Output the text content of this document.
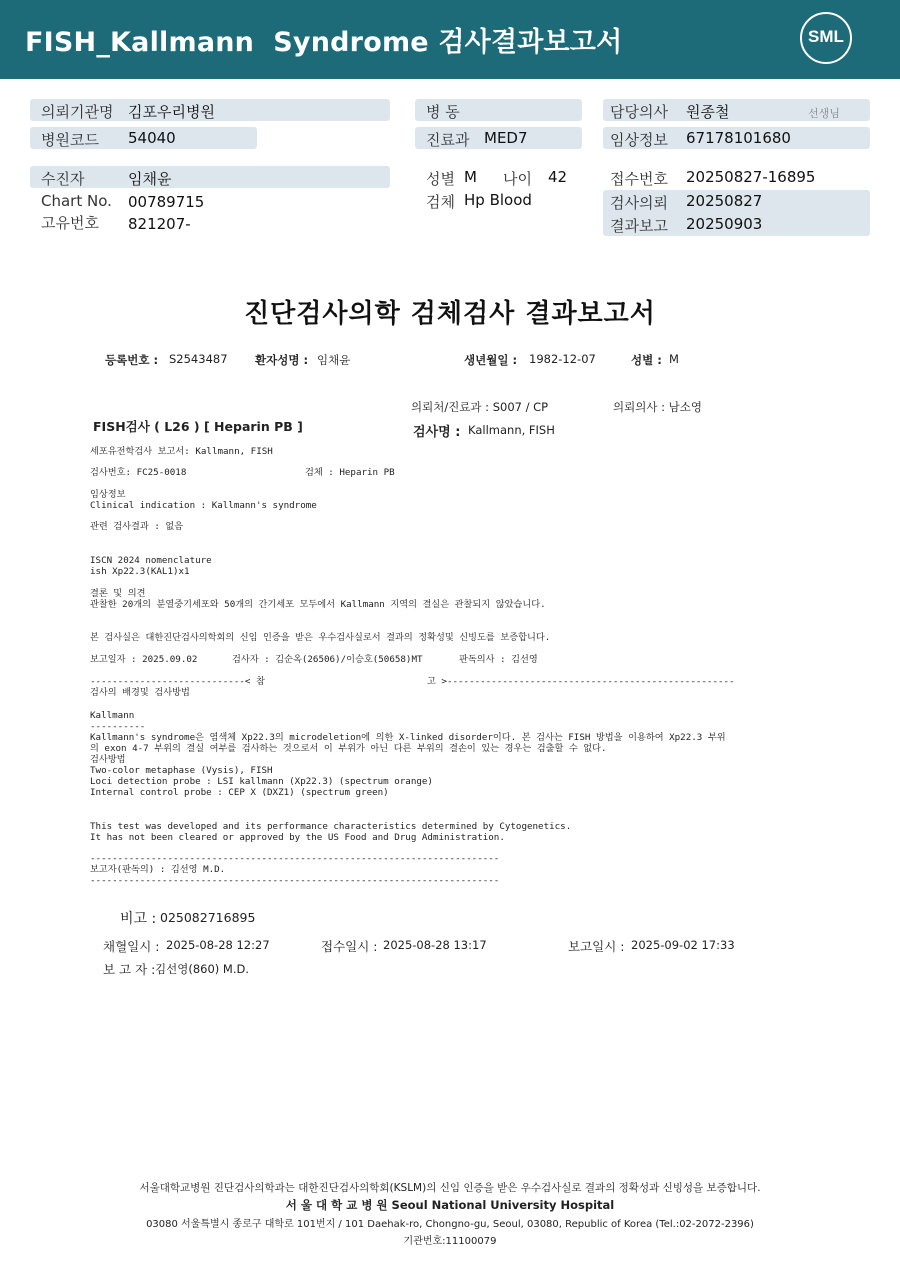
FISH_Kallmann  Syndrome 검사결과보고서	SML
의뢰기관명 김포우리병원
병원코드 54040
병 동
진료과 MED7
담당의사 원종철	선생님
임상정보 67178101680
수진자	임채윤
Chart No. 00789715
고유번호 821207-
성별 M 나이 42
검체 Hp Blood
접수번호 20250827-16895
검사의뢰 20250827
결과보고 20250903
진단검사의학 검체검사 결과보고서
등록번호 : S2543487 환자성명 : 임채윤	생년월일 : 1982-12-07	성별 : M
의뢰처/진료과 : S007 / CP	의뢰의사 : 남소영
FISH검사 ( L26 ) [ Heparin PB ]	검사명 : Kallmann, FISH
세포유전학검사 보고서: Kallmann, FISH
검사번호: FC25-0018	검체 : Heparin PB
임상정보
Clinical indication : Kallmann's syndrome
관련 검사결과 : 없음
ISCN 2024 nomenclature
ish Xp22.3(KAL1)x1
결론 및 의견
관찰한 20개의 분열중기세포와 50개의 간기세포 모두에서 Kallmann 지역의 결실은 관찰되지 않았습니다.
본 검사실은 대한진단검사의학회의 신임 인증을 받은 우수검사실로서 결과의 정확성및 신빙도를 보증합니다.
보고일자 : 2025.09.02	검사자 : 김순옥(26506)/이승호(50658)MT	판독의사 : 김선영
----------------------------< 참	고 >----------------------------------------------------
검사의 배경및 검사방법
Kallmann
----------
Kallmann's syndrome은 염색체 Xp22.3의 microdeletion에 의한 X-linked disorder이다. 본 검사는 FISH 방법을 이용하여 Xp22.3 부위
의 exon 4-7 부위의 결실 여부를 검사하는 것으로서 이 부위가 아닌 다른 부위의 결손이 있는 경우는 검출할 수 없다.
검사방법
Two-color metaphase (Vysis), FISH
Loci detection probe : LSI kallmann (Xp22.3) (spectrum orange)
Internal control probe : CEP X (DXZ1) (spectrum green)
This test was developed and its performance characteristics determined by Cytogenetics.
It has not been cleared or approved by the US Food and Drug Administration.
--------------------------------------------------------------------------
보고자(판독의) : 김선영 M.D.
--------------------------------------------------------------------------
비고 : 025082716895
채혈일시 : 2025-08-28 12:27	접수일시 : 2025-08-28 13:17	보고일시 : 2025-09-02 17:33
보 고 자 : 김선영(860) M.D.
서울대학교병원 진단검사의학과는 대한진단검사의학회(KSLM)의 신임 인증을 받은 우수검사실로 결과의 정확성과 신빙성을 보증합니다.
서 울 대 학 교 병 원 Seoul National University Hospital
03080 서울특별시 종로구 대학로 101번지 / 101 Daehak-ro, Chongno-gu, Seoul, 03080, Republic of Korea (Tel.:02-2072-2396)
기관번호:11100079
